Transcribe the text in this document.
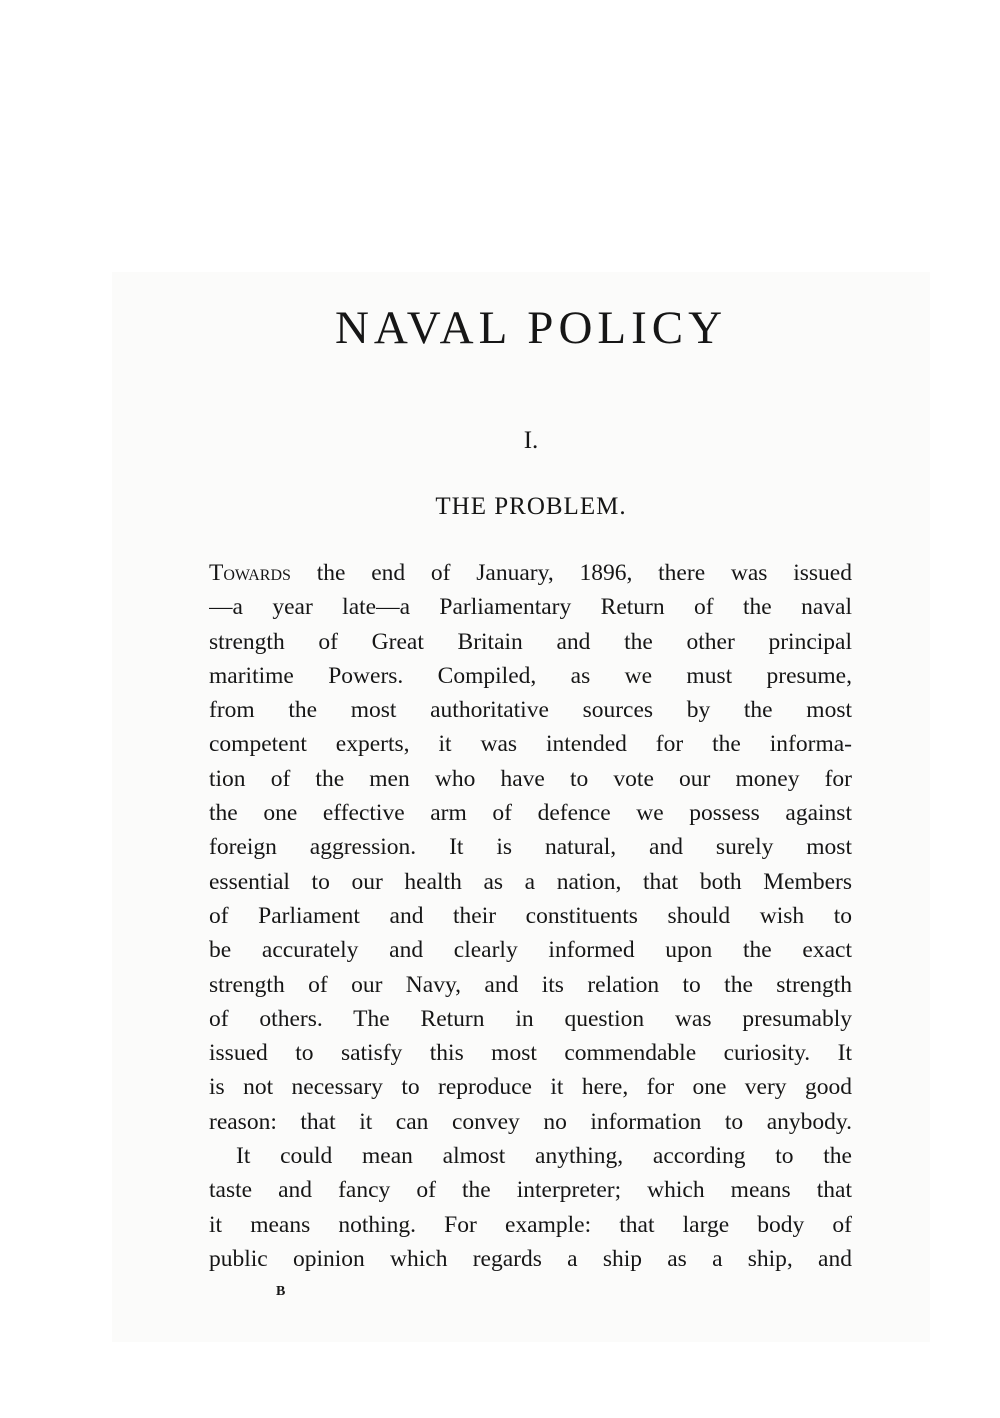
NAVAL POLICY
I.
THE PROBLEM.
Towards the end of January, 1896, there was issued
—a year late—a Parliamentary Return of the naval
strength of Great Britain and the other principal
maritime Powers. Compiled, as we must presume,
from the most authoritative sources by the most
competent experts, it was intended for the informa-
tion of the men who have to vote our money for
the one effective arm of defence we possess against
foreign aggression. It is natural, and surely most
essential to our health as a nation, that both Members
of Parliament and their constituents should wish to
be accurately and clearly informed upon the exact
strength of our Navy, and its relation to the strength
of others. The Return in question was presumably
issued to satisfy this most commendable curiosity. It
is not necessary to reproduce it here, for one very good
reason: that it can convey no information to anybody.
It could mean almost anything, according to the
taste and fancy of the interpreter; which means that
it means nothing. For example: that large body of
public opinion which regards a ship as a ship, and
B
